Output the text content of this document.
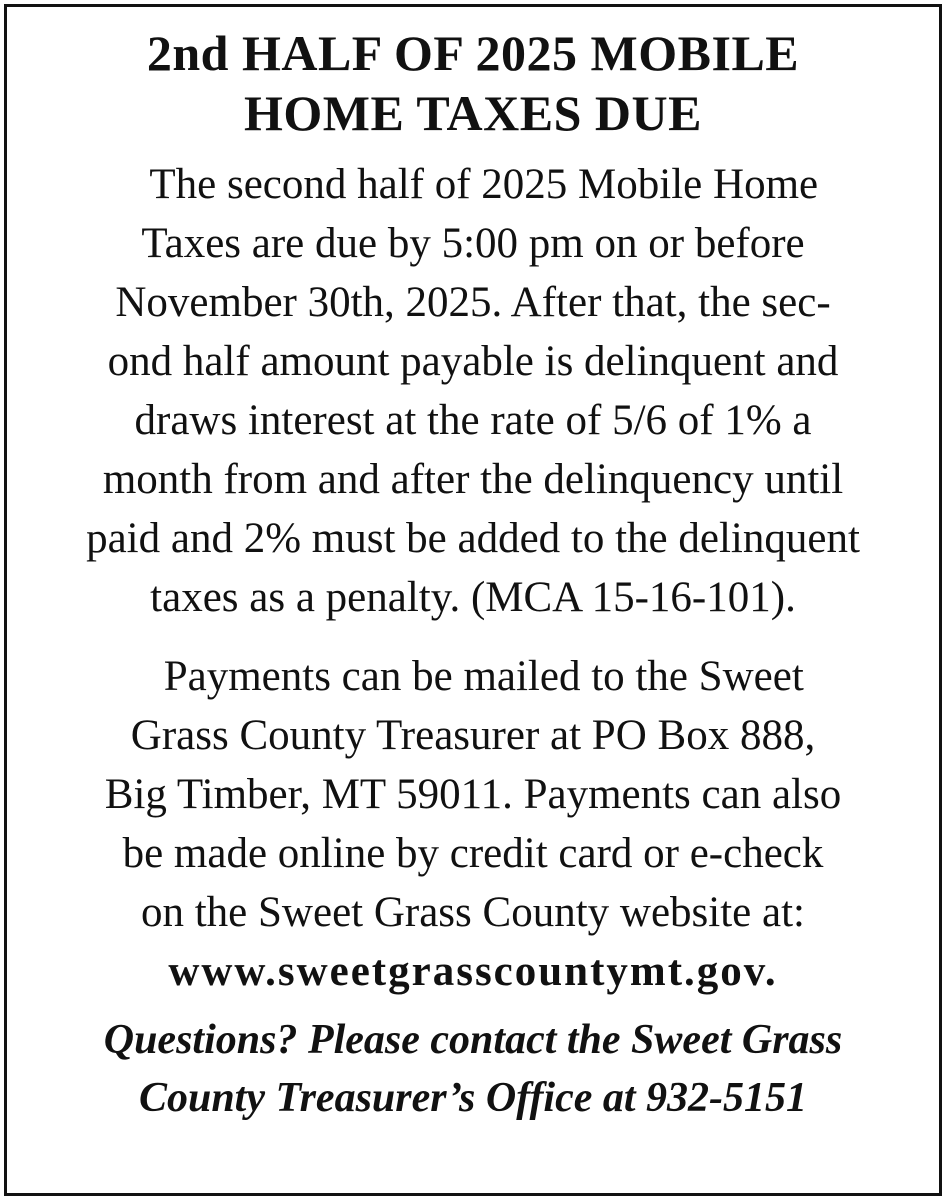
2nd HALF OF 2025 MOBILE
HOME TAXES DUE

The second half of 2025 Mobile Home
Taxes are due by 5:00 pm on or before
November 30th, 2025. After that, the sec-
ond half amount payable is delinquent and
draws interest at the rate of 5/6 of 1% a
month from and after the delinquency until
paid and 2% must be added to the delinquent
taxes as a penalty. (MCA 15-16-101).

Payments can be mailed to the Sweet
Grass County Treasurer at PO Box 888,
Big Timber, MT 59011. Payments can also
be made online by credit card or e-check
on the Sweet Grass County website at:
www.sweetgrasscountymt.gov.

Questions? Please contact the Sweet Grass
County Treasurer’s Office at 932-5151
